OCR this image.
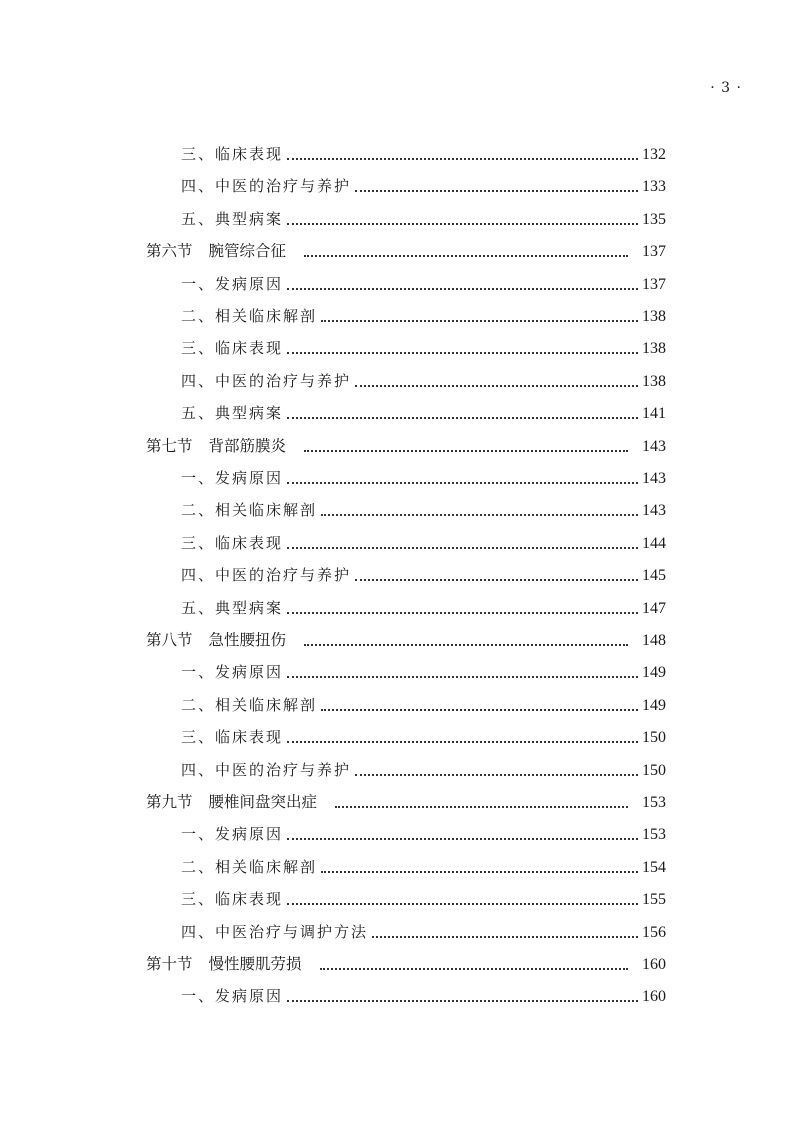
· 3 ·
三、临床表现	132
四、中医的治疗与养护	133
五、典型病案	135
第六节 腕管综合征	137
一、发病原因	137
二、相关临床解剖	138
三、临床表现	138
四、中医的治疗与养护	138
五、典型病案	141
第七节 背部筋膜炎	143
一、发病原因	143
二、相关临床解剖	143
三、临床表现	144
四、中医的治疗与养护	145
五、典型病案	147
第八节 急性腰扭伤	148
一、发病原因	149
二、相关临床解剖	149
三、临床表现	150
四、中医的治疗与养护	150
第九节 腰椎间盘突出症	153
一、发病原因	153
二、相关临床解剖	154
三、临床表现	155
四、中医治疗与调护方法	156
第十节 慢性腰肌劳损	160
一、发病原因	160
